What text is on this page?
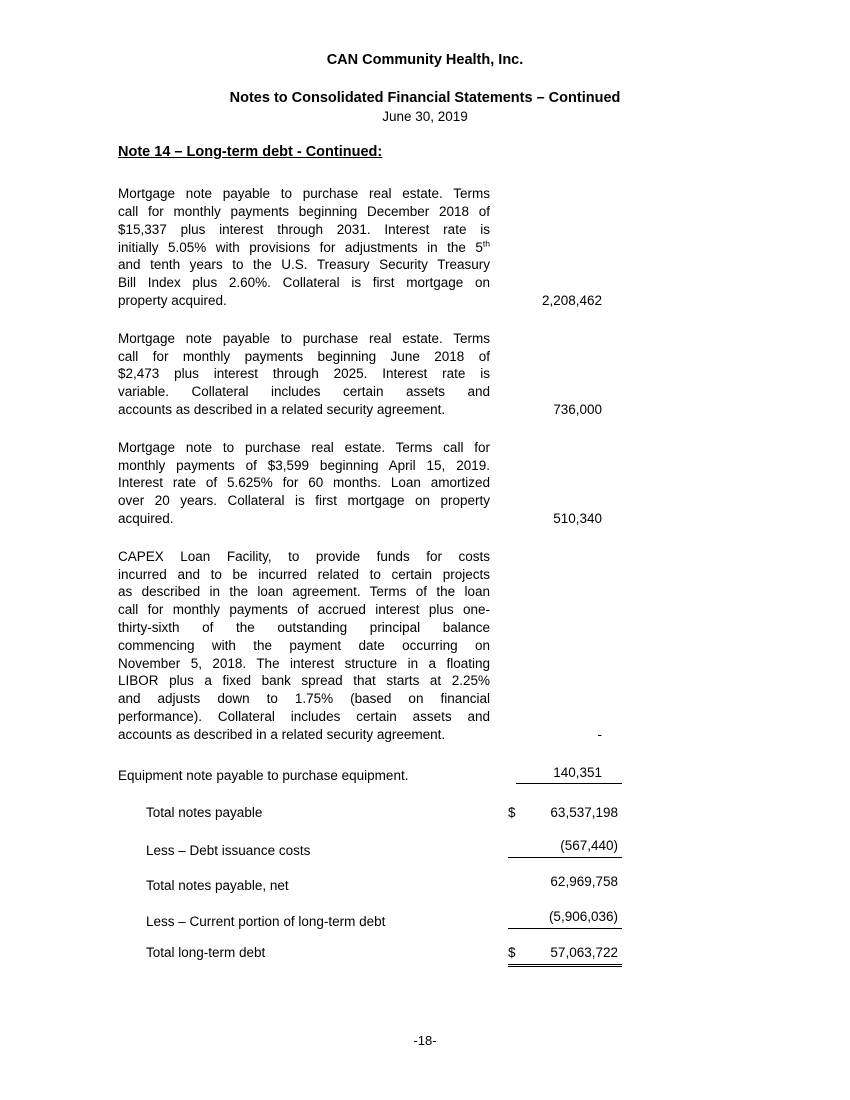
CAN Community Health, Inc.
Notes to Consolidated Financial Statements – Continued
June 30, 2019
Note 14 – Long-term debt - Continued:
Mortgage note payable to purchase real estate. Terms
call for monthly payments beginning December 2018 of
$15,337 plus interest through 2031. Interest rate is
initially 5.05% with provisions for adjustments in the 5th
and tenth years to the U.S. Treasury Security Treasury
Bill Index plus 2.60%. Collateral is first mortgage on
property acquired.	2,208,462
Mortgage note payable to purchase real estate. Terms
call for monthly payments beginning June 2018 of
$2,473 plus interest through 2025. Interest rate is
variable. Collateral includes certain assets and
accounts as described in a related security agreement.	736,000
Mortgage note to purchase real estate. Terms call for
monthly payments of $3,599 beginning April 15, 2019.
Interest rate of 5.625% for 60 months. Loan amortized
over 20 years. Collateral is first mortgage on property
acquired.	510,340
CAPEX Loan Facility, to provide funds for costs
incurred and to be incurred related to certain projects
as described in the loan agreement. Terms of the loan
call for monthly payments of accrued interest plus one-
thirty-sixth of the outstanding principal balance
commencing with the payment date occurring on
November 5, 2018. The interest structure in a floating
LIBOR plus a fixed bank spread that starts at 2.25%
and adjusts down to 1.75% (based on financial
performance). Collateral includes certain assets and
accounts as described in a related security agreement.	-
Equipment note payable to purchase equipment.	140,351
Total notes payable	$	63,537,198
Less – Debt issuance costs	(567,440)
Total notes payable, net	62,969,758
Less – Current portion of long-term debt	(5,906,036)
Total long-term debt	$	57,063,722
-18-
